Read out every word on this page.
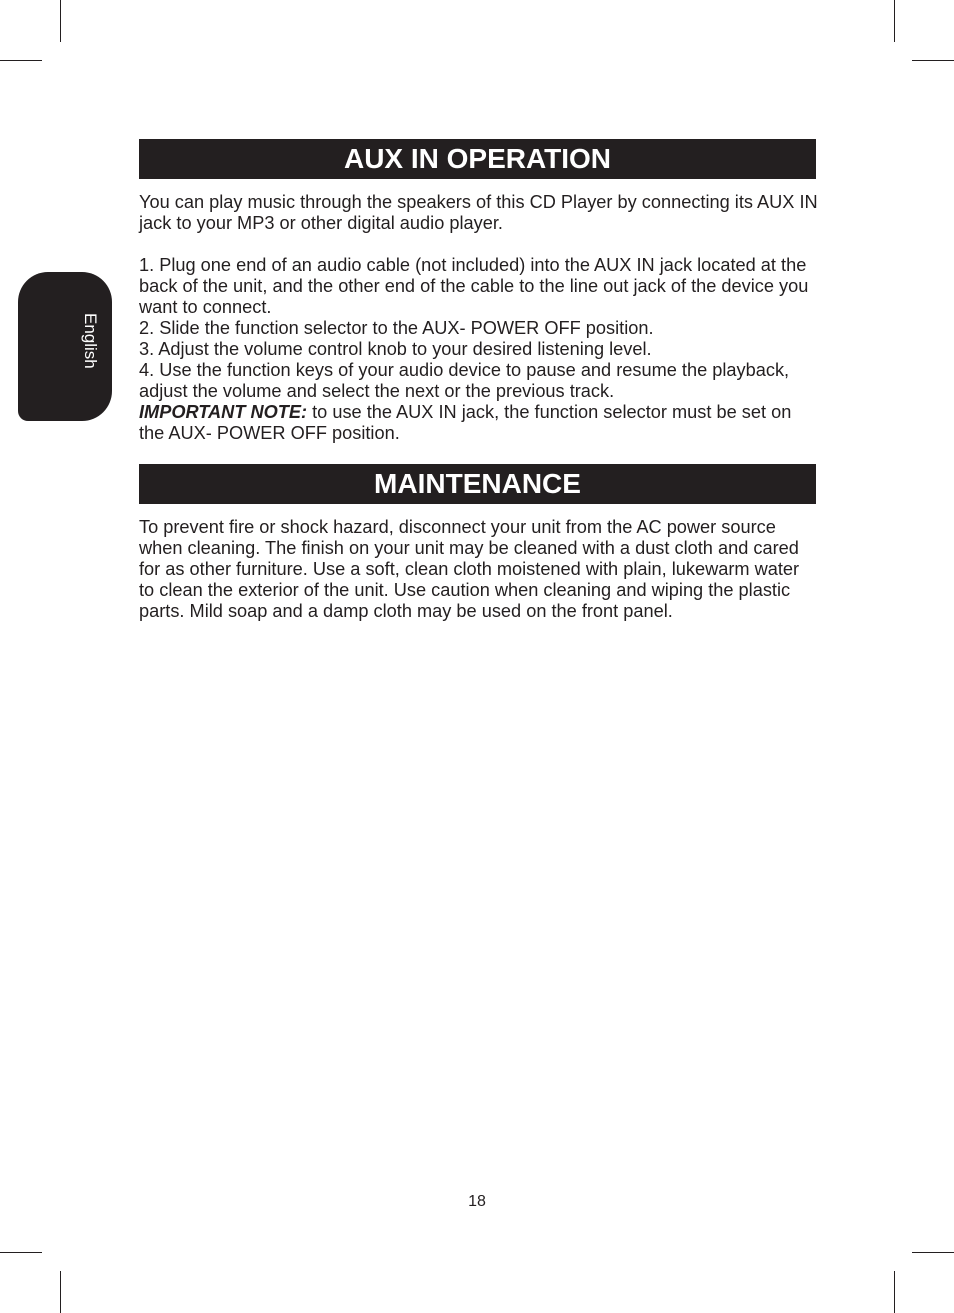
English
AUX IN OPERATION

You can play music through the speakers of this CD Player by connecting its AUX IN jack to your MP3 or other digital audio player.

1. Plug one end of an audio cable (not included) into the AUX IN jack located at the back of the unit, and the other end of the cable to the line out jack of the device you want to connect.

2. Slide the function selector to the AUX- POWER OFF position.

3. Adjust the volume control knob to your desired listening level.

4. Use the function keys of your audio device to pause and resume the playback, adjust the volume and select the next or the previous track.

IMPORTANT NOTE: to use the AUX IN jack, the function selector must be set on the AUX- POWER OFF position.

MAINTENANCE

To prevent fire or shock hazard, disconnect your unit from the AC power source when cleaning. The finish on your unit may be cleaned with a dust cloth and cared for as other furniture. Use a soft, clean cloth moistened with plain, lukewarm water to clean the exterior of the unit. Use caution when cleaning and wiping the plastic parts. Mild soap and a damp cloth may be used on the front panel.

18
